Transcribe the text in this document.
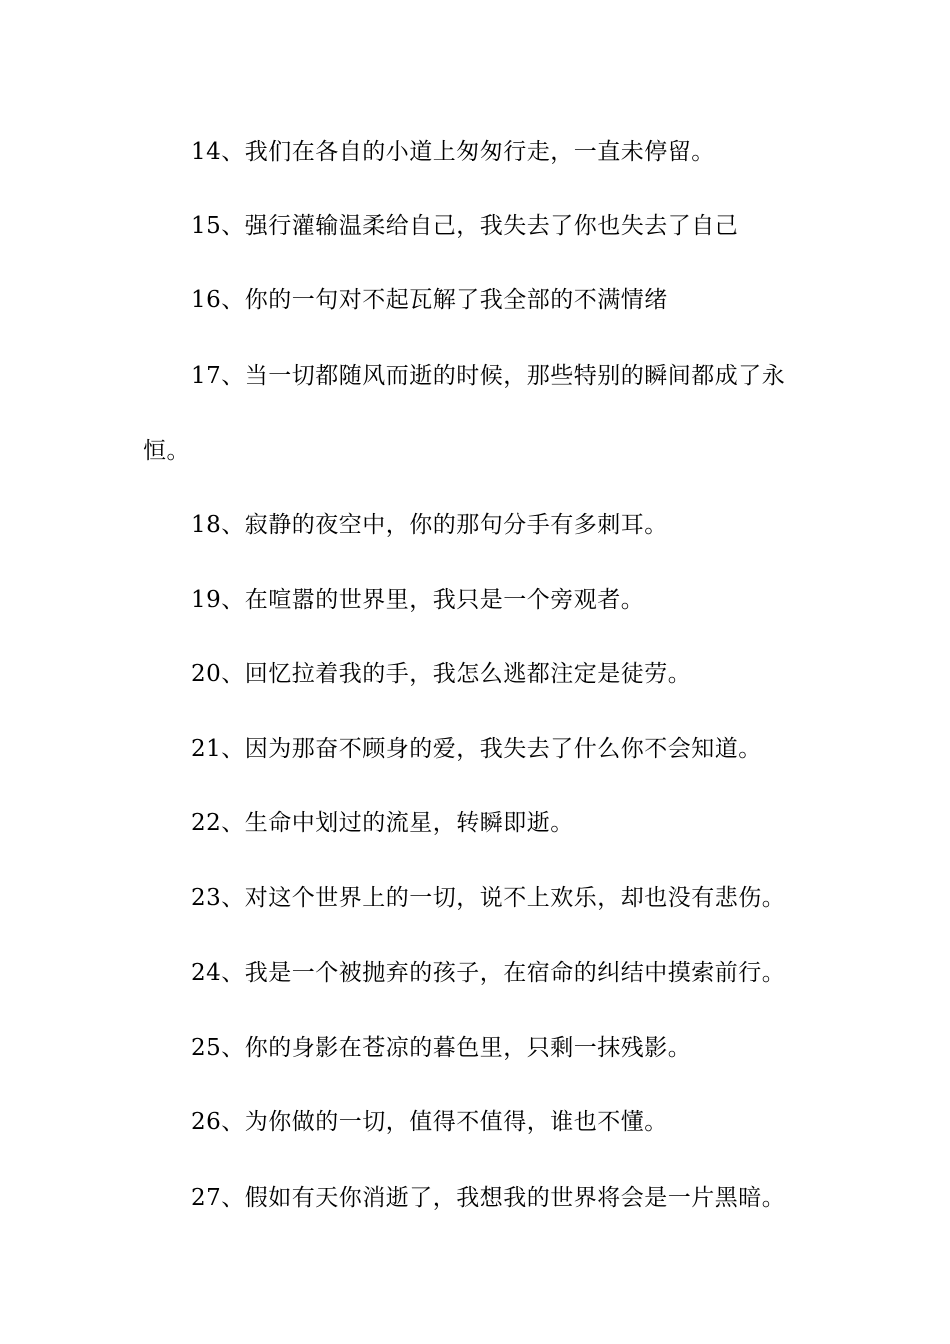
14、我们在各自的小道上匆匆行走，一直未停留。
15、强行灌输温柔给自己，我失去了你也失去了自己
16、你的一句对不起瓦解了我全部的不满情绪
17、当一切都随风而逝的时候，那些特别的瞬间都成了永
恒。
18、寂静的夜空中，你的那句分手有多刺耳。
19、在喧嚣的世界里，我只是一个旁观者。
20、回忆拉着我的手，我怎么逃都注定是徒劳。
21、因为那奋不顾身的爱，我失去了什么你不会知道。
22、生命中划过的流星，转瞬即逝。
23、对这个世界上的一切，说不上欢乐，却也没有悲伤。
24、我是一个被抛弃的孩子，在宿命的纠结中摸索前行。
25、你的身影在苍凉的暮色里，只剩一抹残影。
26、为你做的一切，值得不值得，谁也不懂。
27、假如有天你消逝了，我想我的世界将会是一片黑暗。
